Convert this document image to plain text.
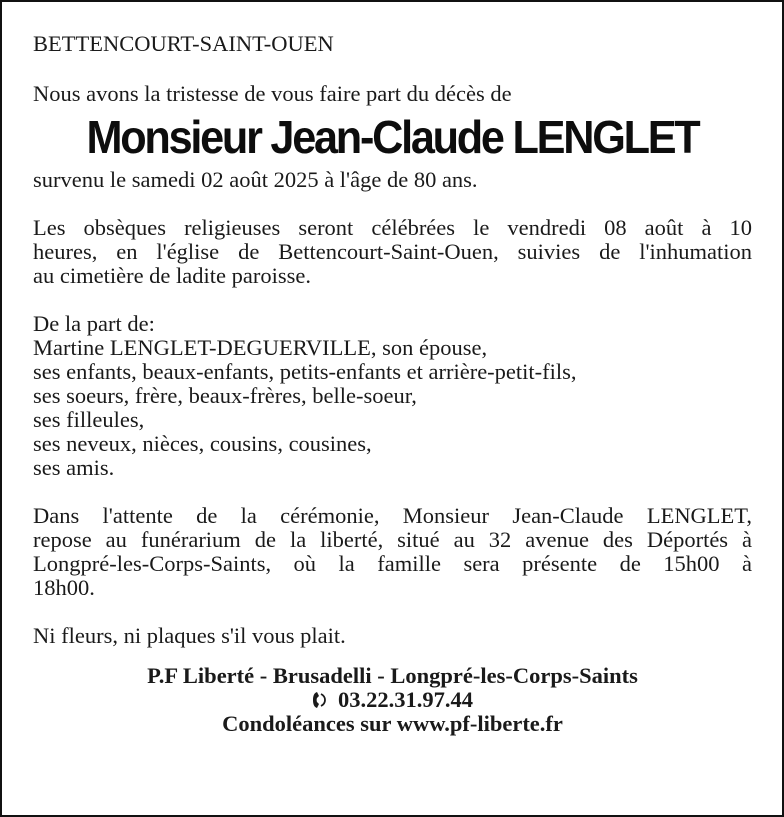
BETTENCOURT-SAINT-OUEN
Nous avons la tristesse de vous faire part du décès de
Monsieur Jean-Claude LENGLET
survenu le samedi 02 août 2025 à l'âge de 80 ans.
Les obsèques religieuses seront célébrées le vendredi 08 août à 10
heures, en l'église de Bettencourt-Saint-Ouen, suivies de l'inhumation
au cimetière de ladite paroisse.
De la part de:
Martine LENGLET-DEGUERVILLE, son épouse,
ses enfants, beaux-enfants, petits-enfants et arrière-petit-fils,
ses soeurs, frère, beaux-frères, belle-soeur,
ses filleules,
ses neveux, nièces, cousins, cousines,
ses amis.
Dans l'attente de la cérémonie, Monsieur Jean-Claude LENGLET,
repose au funérarium de la liberté, situé au 32 avenue des Déportés à
Longpré-les-Corps-Saints, où la famille sera présente de 15h00 à
18h00.
Ni fleurs, ni plaques s'il vous plait.
P.F Liberté - Brusadelli - Longpré-les-Corps-Saints
03.22.31.97.44
Condoléances sur www.pf-liberte.fr
